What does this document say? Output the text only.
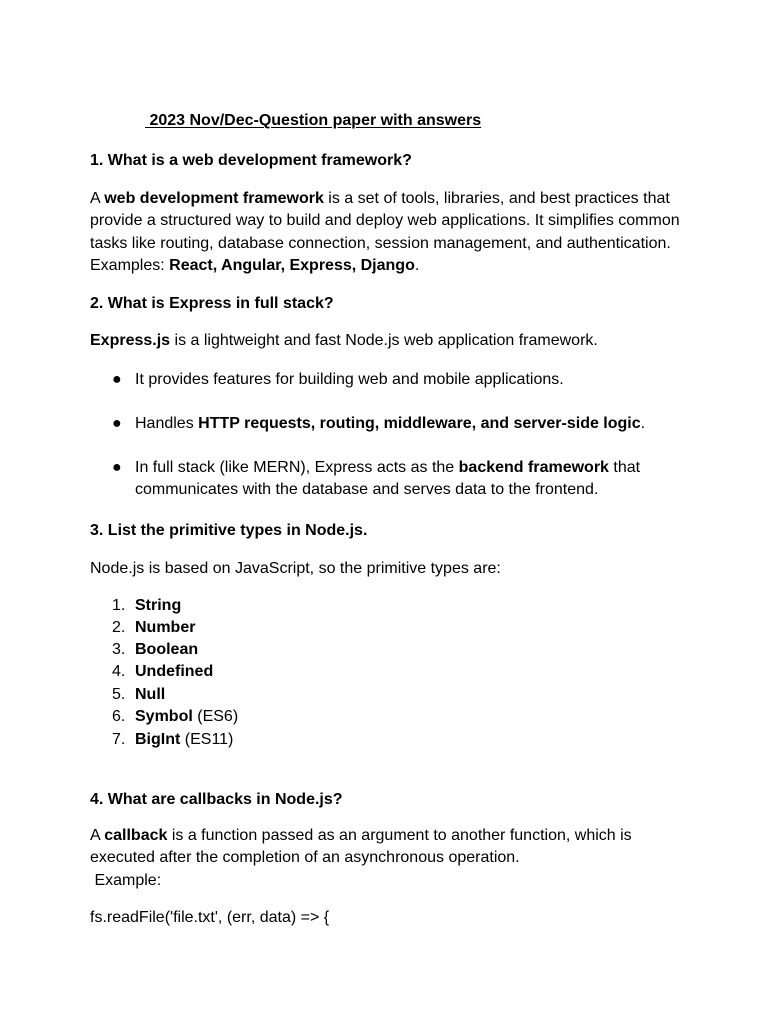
2023 Nov/Dec-Question paper with answers
1. What is a web development framework?
A web development framework is a set of tools, libraries, and best practices that provide a structured way to build and deploy web applications. It simplifies common tasks like routing, database connection, session management, and authentication. Examples: React, Angular, Express, Django.
2. What is Express in full stack?
Express.js is a lightweight and fast Node.js web application framework.
● It provides features for building web and mobile applications.
● Handles HTTP requests, routing, middleware, and server-side logic.
● In full stack (like MERN), Express acts as the backend framework that communicates with the database and serves data to the frontend.
3. List the primitive types in Node.js.
Node.js is based on JavaScript, so the primitive types are:
1. String
2. Number
3. Boolean
4. Undefined
5. Null
6. Symbol (ES6)
7. BigInt (ES11)
4. What are callbacks in Node.js?
A callback is a function passed as an argument to another function, which is executed after the completion of an asynchronous operation.
Example:
fs.readFile('file.txt', (err, data) => {
